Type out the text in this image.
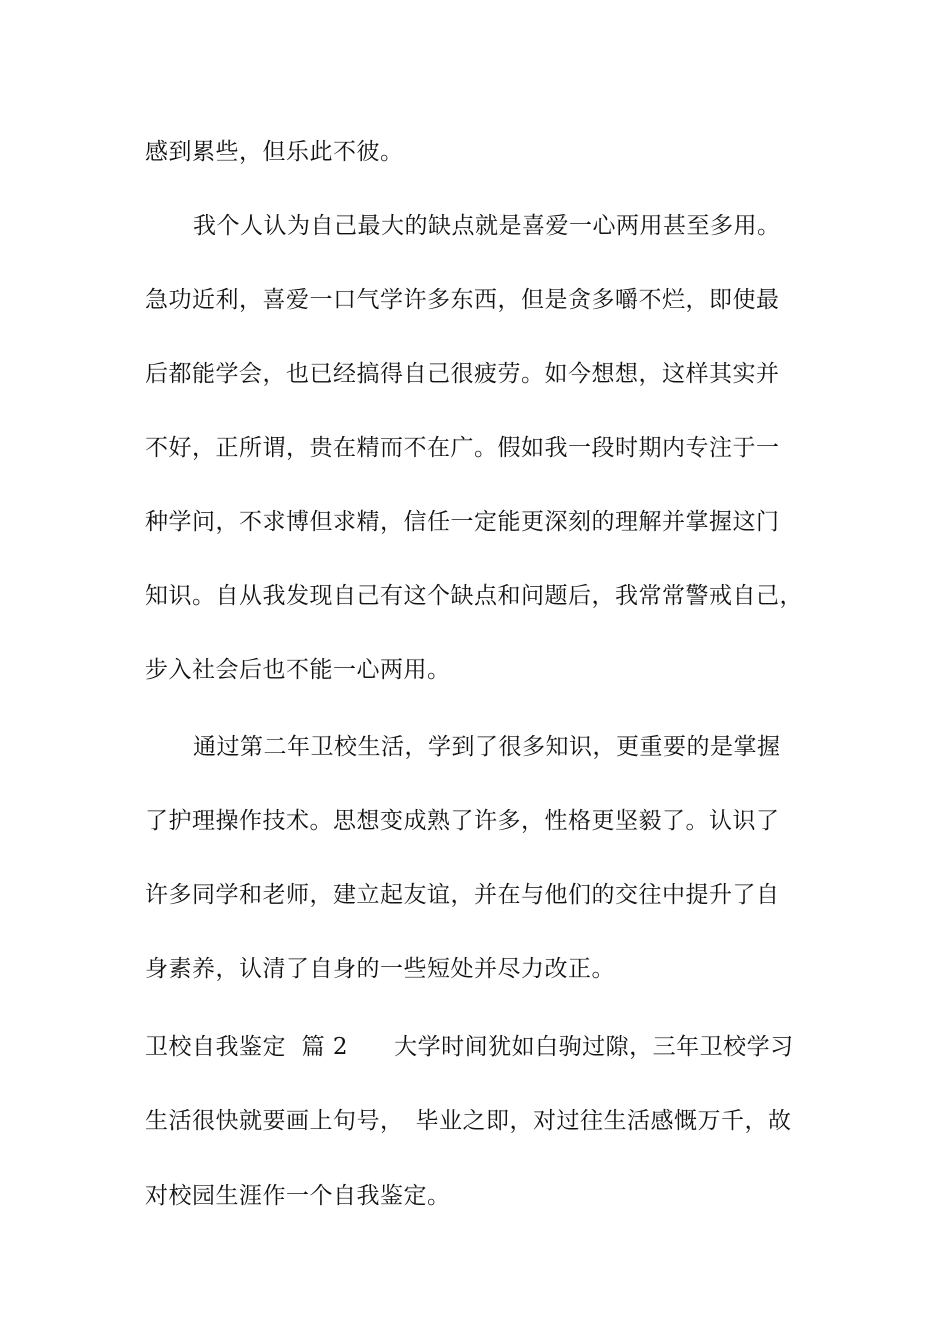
感到累些，但乐此不彼。
我个人认为自己最大的缺点就是喜爱一心两用甚至多用。
急功近利，喜爱一口气学许多东西，但是贪多嚼不烂，即使最
后都能学会，也已经搞得自己很疲劳。如今想想，这样其实并
不好，正所谓，贵在精而不在广。假如我一段时期内专注于一
种学问，不求博但求精，信任一定能更深刻的理解并掌握这门
知识。自从我发现自己有这个缺点和问题后，我常常警戒自己，
步入社会后也不能一心两用。
通过第二年卫校生活，学到了很多知识，更重要的是掌握
了护理操作技术。思想变成熟了许多，性格更坚毅了。认识了
许多同学和老师，建立起友谊，并在与他们的交往中提升了自
身素养，认清了自身的一些短处并尽力改正。
卫校自我鉴定  篇 2 大学时间犹如白驹过隙，三年卫校学习
生活很快就要画上句号，　毕业之即，对过往生活感慨万千，故
对校园生涯作一个自我鉴定。
